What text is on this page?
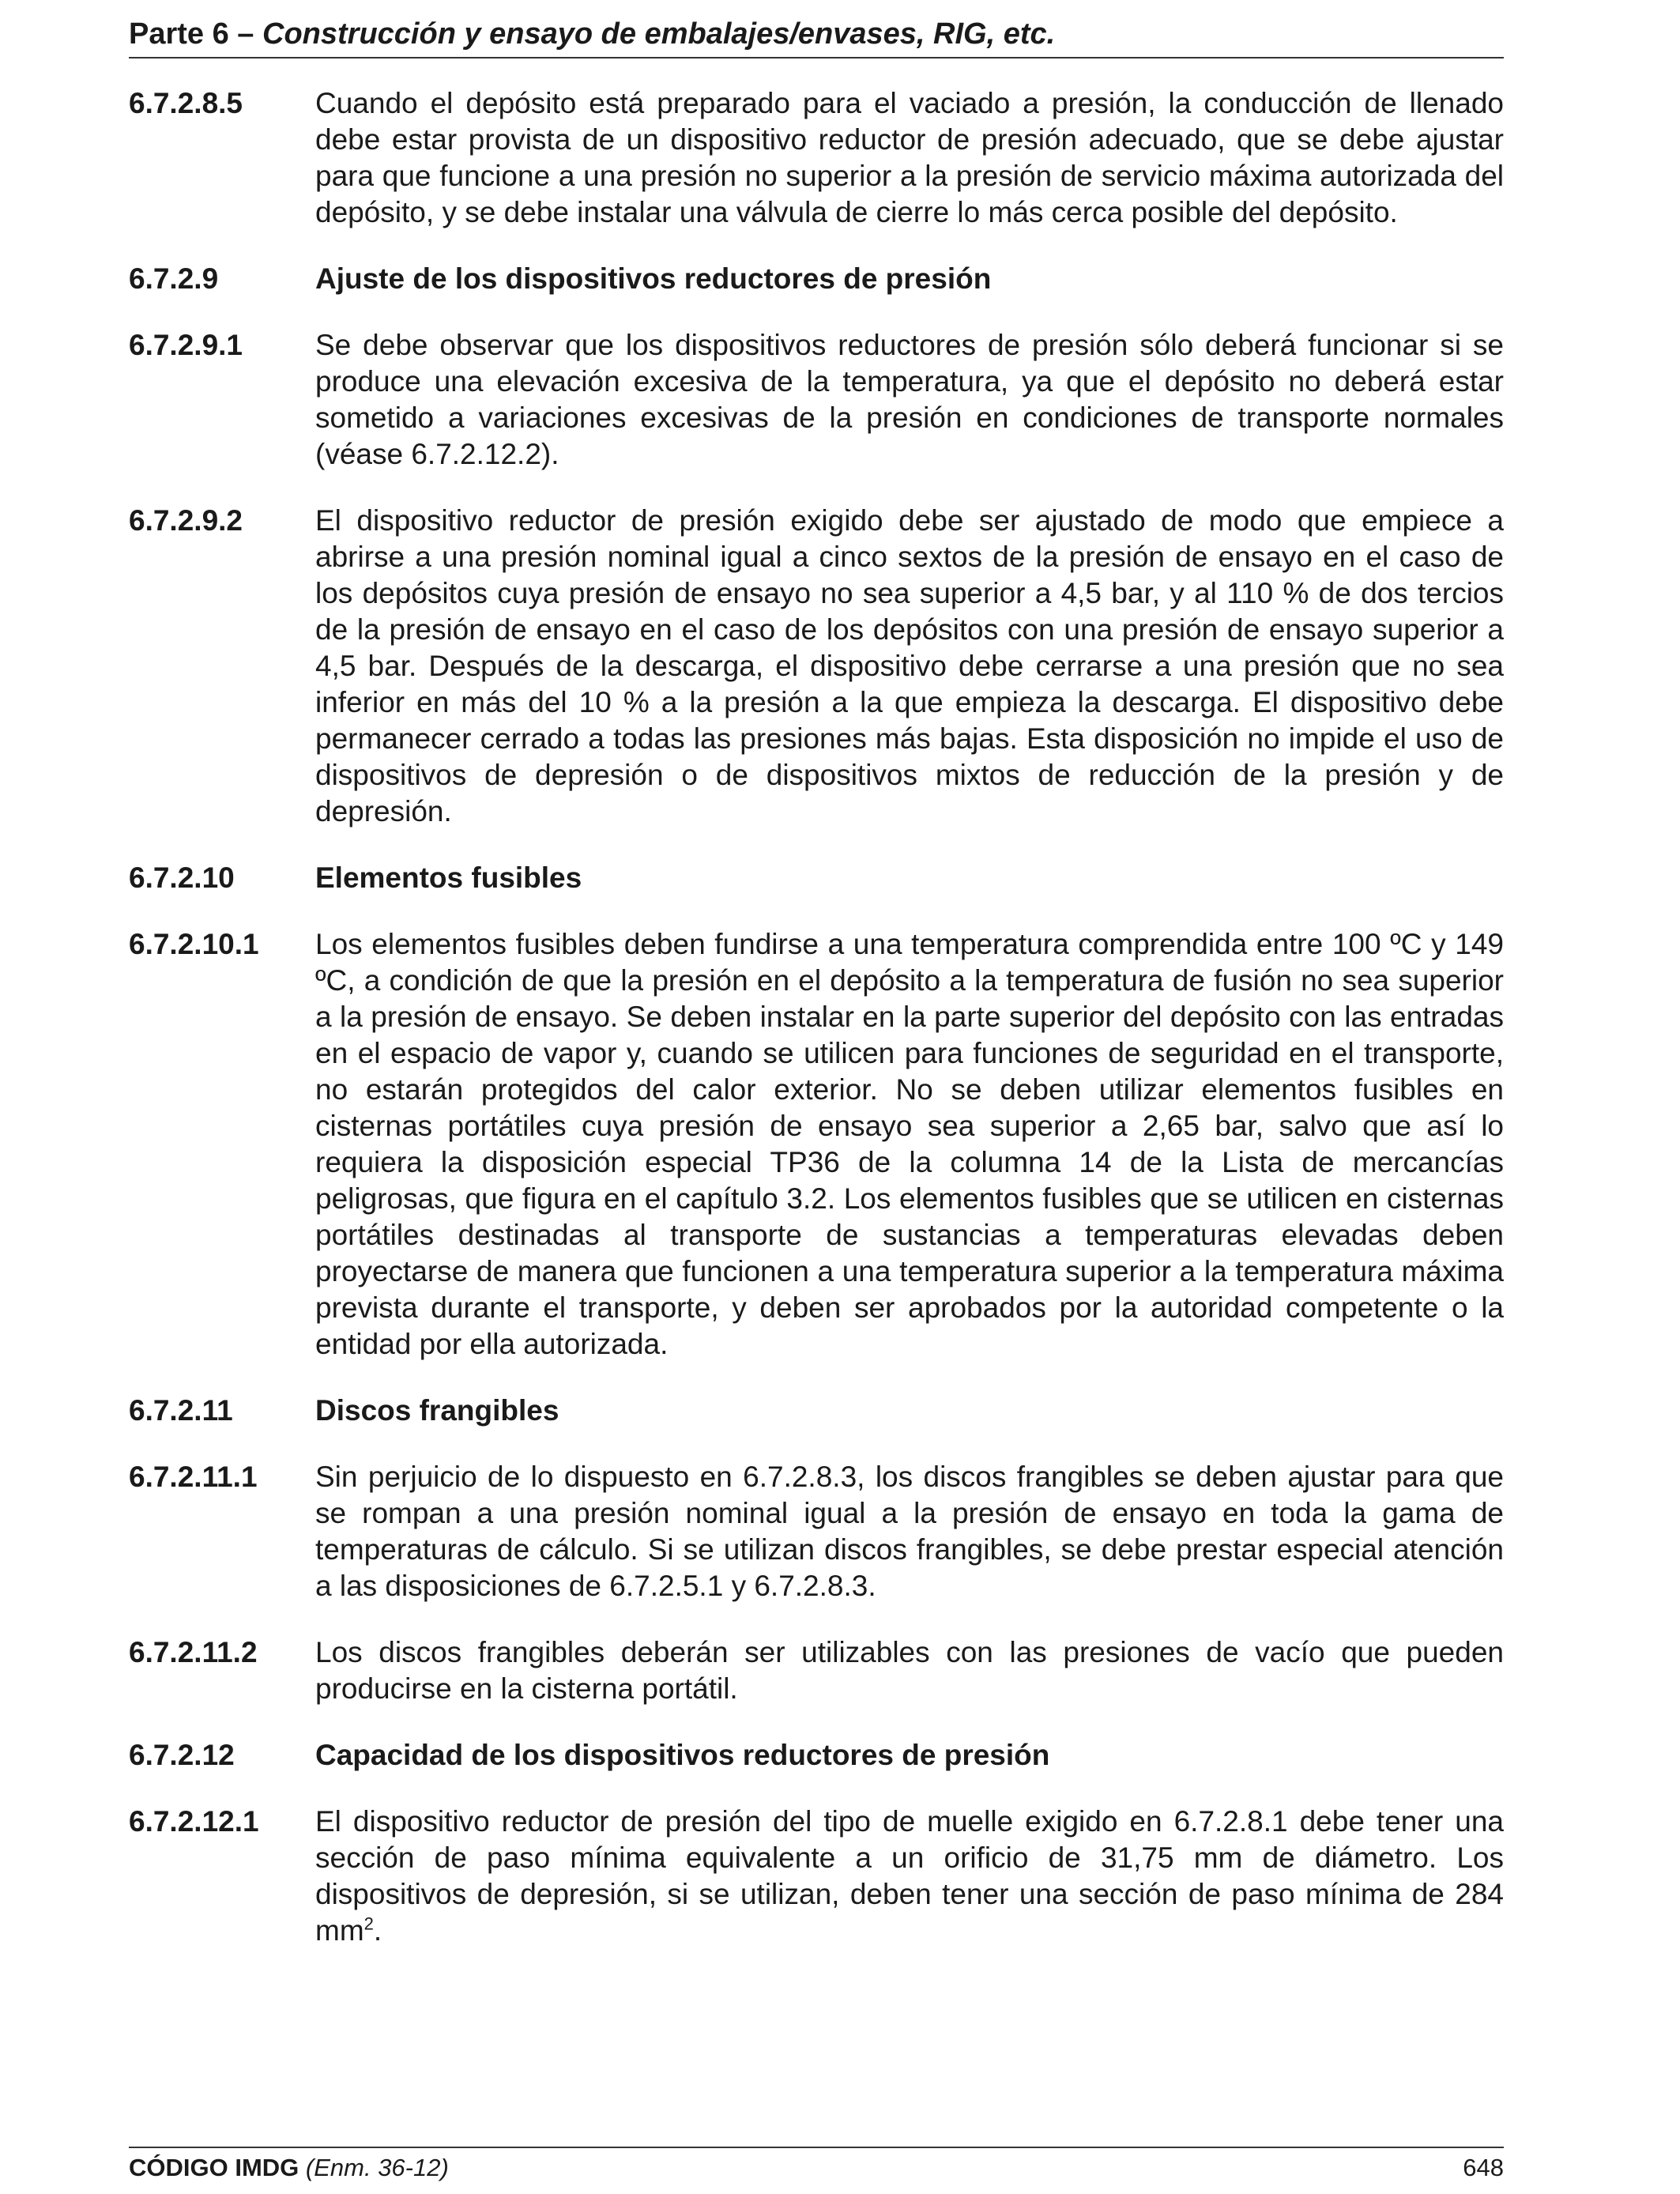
Parte 6 – Construcción y ensayo de embalajes/envases, RIG, etc.
6.7.2.8.5	Cuando el depósito está preparado para el vaciado a presión, la conducción de llenado debe estar provista de un dispositivo reductor de presión adecuado, que se debe ajustar para que funcione a una presión no superior a la presión de servicio máxima autorizada del depósito, y se debe instalar una válvula de cierre lo más cerca posible del depósito.
6.7.2.9	Ajuste de los dispositivos reductores de presión
6.7.2.9.1	Se debe observar que los dispositivos reductores de presión sólo deberá funcionar si se produce una elevación excesiva de la temperatura, ya que el depósito no deberá estar sometido a variaciones excesivas de la presión en condiciones de transporte normales (véase 6.7.2.12.2).
6.7.2.9.2	El dispositivo reductor de presión exigido debe ser ajustado de modo que empiece a abrirse a una presión nominal igual a cinco sextos de la presión de ensayo en el caso de los depósitos cuya presión de ensayo no sea superior a 4,5 bar, y al 110 % de dos tercios de la presión de ensayo en el caso de los depósitos con una presión de ensayo superior a 4,5 bar. Después de la descarga, el dispositivo debe cerrarse a una presión que no sea inferior en más del 10 % a la presión a la que empieza la descarga. El dispositivo debe permanecer cerrado a todas las presiones más bajas. Esta disposición no impide el uso de dispositivos de depresión o de dispositivos mixtos de reducción de la presión y de depresión.
6.7.2.10	Elementos fusibles
6.7.2.10.1	Los elementos fusibles deben fundirse a una temperatura comprendida entre 100 ºC y 149 ºC, a condición de que la presión en el depósito a la temperatura de fusión no sea superior a la presión de ensayo. Se deben instalar en la parte superior del depósito con las entradas en el espacio de vapor y, cuando se utilicen para funciones de seguridad en el transporte, no estarán protegidos del calor exterior. No se deben utilizar elementos fusibles en cisternas portátiles cuya presión de ensayo sea superior a 2,65 bar, salvo que así lo requiera la disposición especial TP36 de la columna 14 de la Lista de mercancías peligrosas, que figura en el capítulo 3.2. Los elementos fusibles que se utilicen en cisternas portátiles destinadas al transporte de sustancias a temperaturas elevadas deben proyectarse de manera que funcionen a una temperatura superior a la temperatura máxima prevista durante el transporte, y deben ser aprobados por la autoridad competente o la entidad por ella autorizada.
6.7.2.11	Discos frangibles
6.7.2.11.1	Sin perjuicio de lo dispuesto en 6.7.2.8.3, los discos frangibles se deben ajustar para que se rompan a una presión nominal igual a la presión de ensayo en toda la gama de temperaturas de cálculo. Si se utilizan discos frangibles, se debe prestar especial atención a las disposiciones de 6.7.2.5.1 y 6.7.2.8.3.
6.7.2.11.2	Los discos frangibles deberán ser utilizables con las presiones de vacío que pueden producirse en la cisterna portátil.
6.7.2.12	Capacidad de los dispositivos reductores de presión
6.7.2.12.1	El dispositivo reductor de presión del tipo de muelle exigido en 6.7.2.8.1 debe tener una sección de paso mínima equivalente a un orificio de 31,75 mm de diámetro. Los dispositivos de depresión, si se utilizan, deben tener una sección de paso mínima de 284 $mm^2$.
CÓDIGO IMDG (Enm. 36-12)	648
